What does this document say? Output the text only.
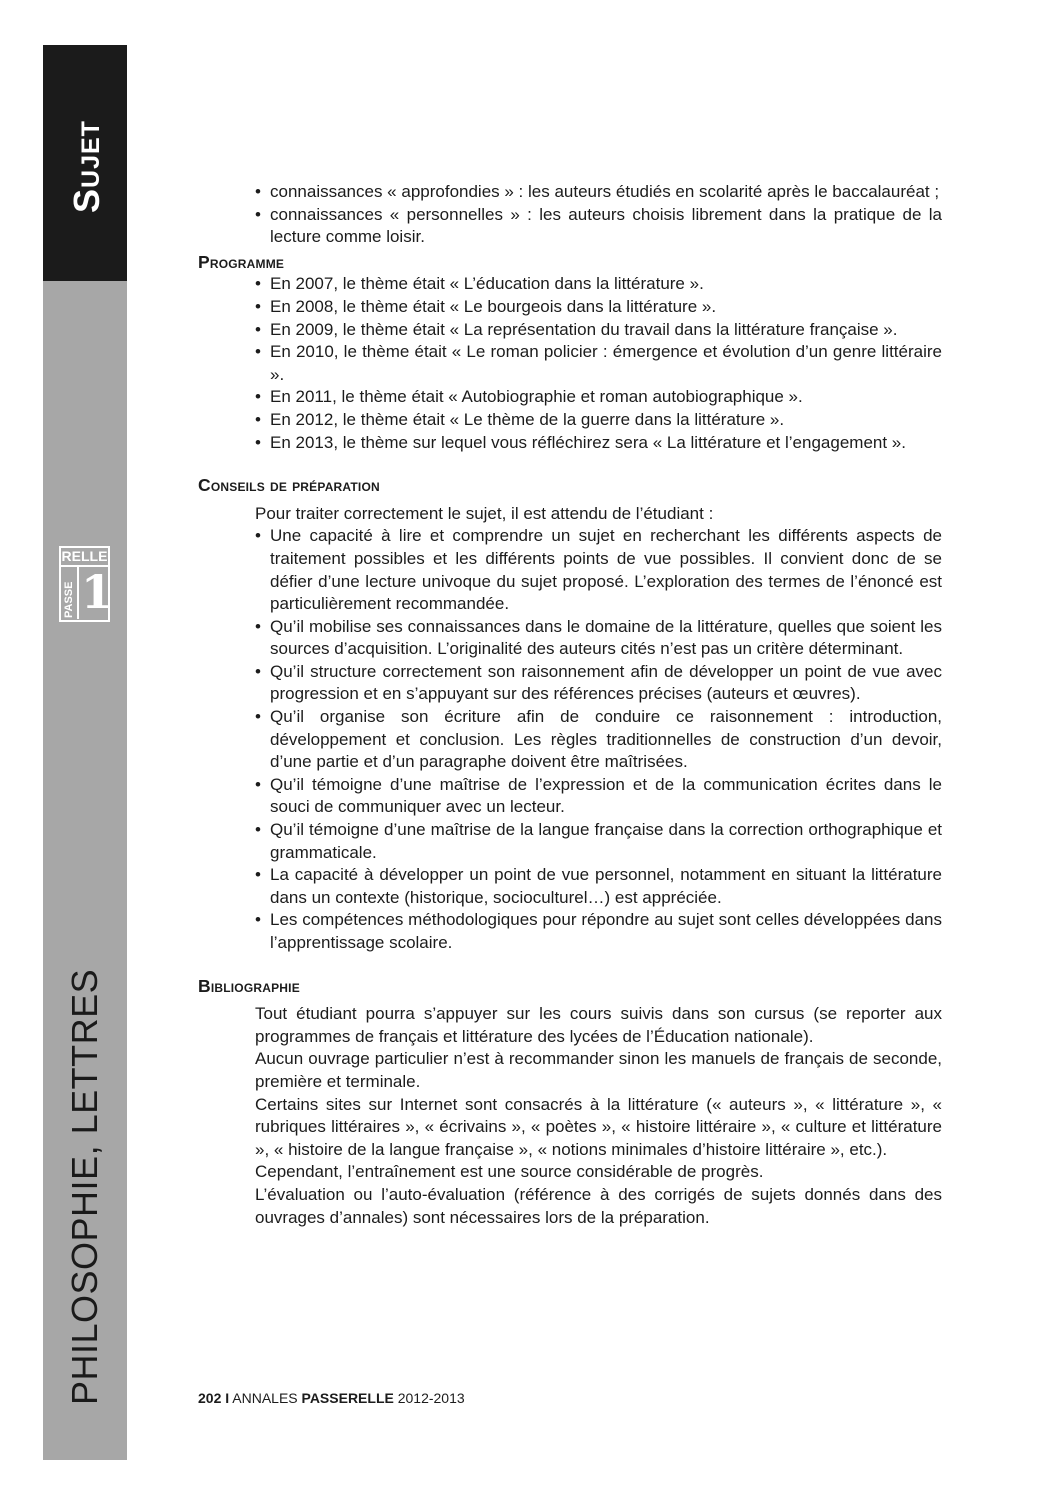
Sujet
PHILOSOPHIE, LETTRES
RELLE
PASSE 1
• connaissances « approfondies » : les auteurs étudiés en scolarité après le baccalauréat ;
• connaissances « personnelles » : les auteurs choisis librement dans la pratique de la lecture comme loisir.
Programme
• En 2007, le thème était « L’éducation dans la littérature ».
• En 2008, le thème était « Le bourgeois dans la littérature ».
• En 2009, le thème était « La représentation du travail dans la littérature française ».
• En 2010, le thème était « Le roman policier : émergence et évolution d’un genre littéraire ».
• En 2011, le thème était « Autobiographie et roman autobiographique ».
• En 2012, le thème était « Le thème de la guerre dans la littérature ».
• En 2013, le thème sur lequel vous réfléchirez sera « La littérature et l’engagement ».
Conseils de préparation

Pour traiter correctement le sujet, il est attendu de l’étudiant :

• Une capacité à lire et comprendre un sujet en recherchant les différents aspects de traitement possibles et les différents points de vue possibles. Il convient donc de se défier d’une lecture univoque du sujet proposé. L’exploration des termes de l’énoncé est particulièrement recommandée.
• Qu’il mobilise ses connaissances dans le domaine de la littérature, quelles que soient les sources d’acquisition. L’originalité des auteurs cités n’est pas un critère déterminant.
• Qu’il structure correctement son raisonnement afin de développer un point de vue avec progression et en s’appuyant sur des références précises (auteurs et œuvres).
• Qu’il organise son écriture afin de conduire ce raisonnement : introduction, développement et conclusion. Les règles traditionnelles de construction d’un devoir, d’une partie et d’un paragraphe doivent être maîtrisées.
• Qu’il témoigne d’une maîtrise de l’expression et de la communication écrites dans le souci de communiquer avec un lecteur.
• Qu’il témoigne d’une maîtrise de la langue française dans la correction orthographique et grammaticale.
• La capacité à développer un point de vue personnel, notamment en situant la littérature dans un contexte (historique, socioculturel…) est appréciée.
• Les compétences méthodologiques pour répondre au sujet sont celles développées dans l’apprentissage scolaire.
Bibliographie

Tout étudiant pourra s’appuyer sur les cours suivis dans son cursus (se reporter aux programmes de français et littérature des lycées de l’Éducation nationale).

Aucun ouvrage particulier n’est à recommander sinon les manuels de français de seconde, première et terminale.

Certains sites sur Internet sont consacrés à la littérature (« auteurs », « littérature », « rubriques littéraires », « écrivains », « poètes », « histoire littéraire », « culture et littérature », « histoire de la langue française », « notions minimales d’histoire littéraire », etc.).

Cependant, l’entraînement est une source considérable de progrès.

L’évaluation ou l’auto-évaluation (référence à des corrigés de sujets donnés dans des ouvrages d’annales) sont nécessaires lors de la préparation.

202 I ANNALES PASSERELLE 2012-2013
